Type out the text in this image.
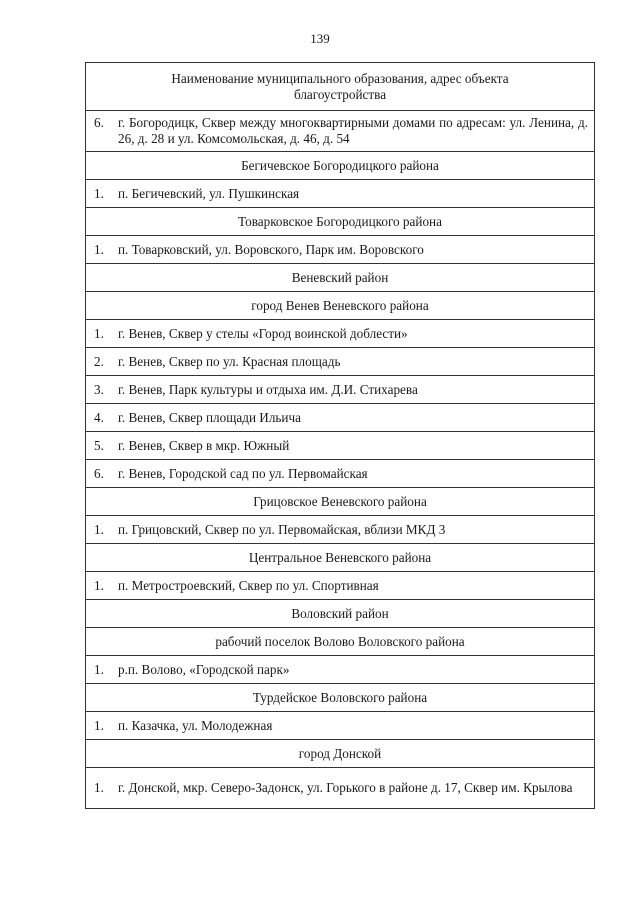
139
Наименование муниципального образования, адрес объекта благоустройства

6.	г. Богородицк, Сквер между многоквартирными домами по адресам: ул. Ленина, д. 26, д. 28 и ул. Комсомольская, д. 46, д. 54

Бегичевское Богородицкого района

1.	п. Бегичевский, ул. Пушкинская

Товарковское Богородицкого района

1.	п. Товарковский, ул. Воровского, Парк им. Воровского

Веневский район
город Венев Веневского района

1.	г. Венев, Сквер у стелы «Город воинской доблести»

2.	г. Венев, Сквер по ул. Красная площадь

3.	г. Венев, Парк культуры и отдыха им. Д.И. Стихарева

4.	г. Венев, Сквер площади Ильича

5.	г. Венев, Сквер в мкр. Южный

6.	г. Венев, Городской сад по ул. Первомайская

Грицовское Веневского района

1.	п. Грицовский, Сквер по ул. Первомайская, вблизи МКД 3

Центральное Веневского района

1.	п. Метростроевский, Сквер по ул. Спортивная

Воловский район
рабочий поселок Волово Воловского района

1.	р.п. Волово, «Городской парк»

Турдейское Воловского района

1.	п. Казачка, ул. Молодежная

город Донской

1.	г. Донской, мкр. Северо-Задонск, ул. Горького в районе д. 17, Сквер им. Крылова
